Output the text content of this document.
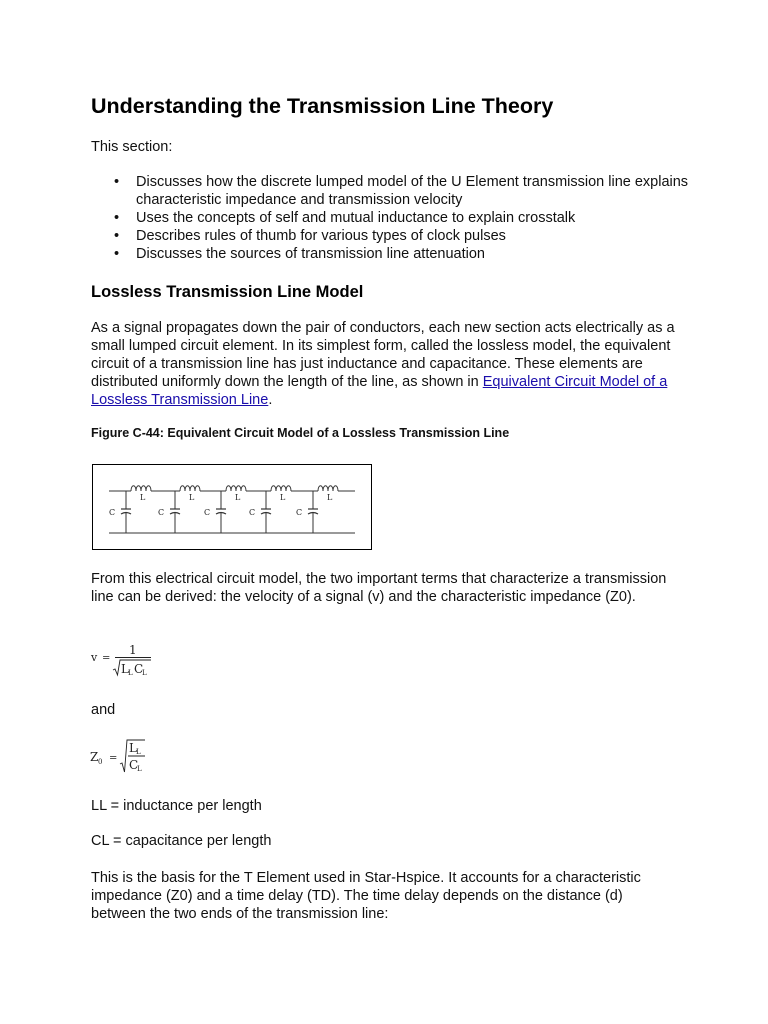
Understanding the Transmission Line Theory

This section:

• Discusses how the discrete lumped model of the U Element transmission line explains characteristic impedance and transmission velocity
• Uses the concepts of self and mutual inductance to explain crosstalk
• Describes rules of thumb for various types of clock pulses
• Discusses the sources of transmission line attenuation
Lossless Transmission Line Model

As a signal propagates down the pair of conductors, each new section acts electrically as a small lumped circuit element. In its simplest form, called the lossless model, the equivalent circuit of a transmission line has just inductance and capacitance. These elements are distributed uniformly down the length of the line, as shown in Equivalent Circuit Model of a Lossless Transmission Line.

Figure C-44: Equivalent Circuit Model of a Lossless Transmission Line

L	L	L	L	L
C	C	C	C	C

From this electrical circuit model, the two important terms that characterize a transmission line can be derived: the velocity of a signal (v) and the characteristic impedance (Z0).

v =
1
L L C
L

and

Z 0 =
L L
C
L

LL = inductance per length

CL = capacitance per length

This is the basis for the T Element used in Star-Hspice. It accounts for a characteristic impedance (Z0) and a time delay (TD). The time delay depends on the distance (d) between the two ends of the transmission line:
